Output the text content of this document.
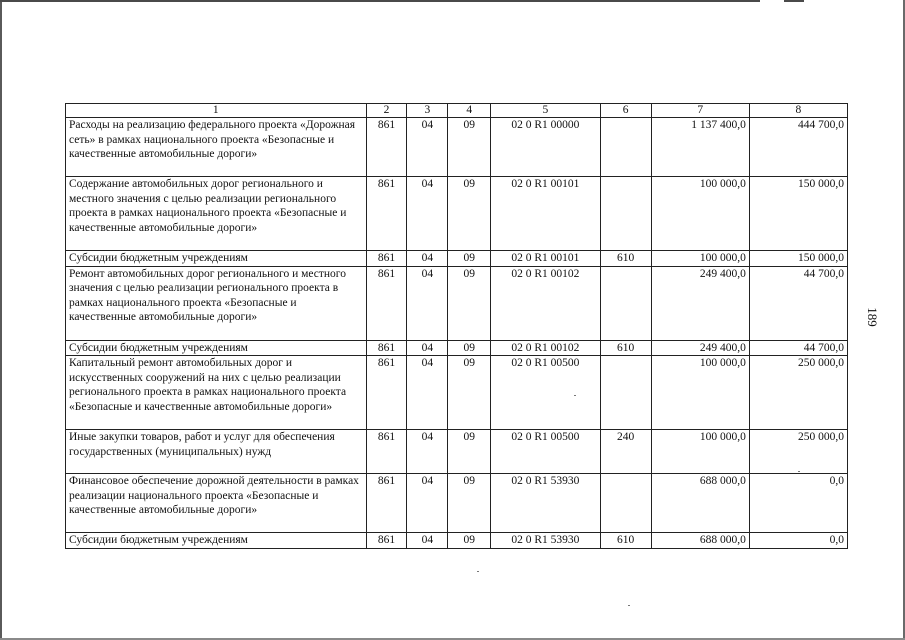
1	2	3	4	5	6	7	8
Расходы на реализацию федерального проекта «Дорожная сеть» в рамках национального проекта «Безопасные и качественные автомобильные дороги»	861	04	09	02 0 R1 00000		1 137 400,0	444 700,0
Содержание автомобильных дорог регионального и местного значения с целью реализации регионального проекта в рамках национального проекта «Безопасные и качественные автомобильные дороги»	861	04	09	02 0 R1 00101		100 000,0	150 000,0
Субсидии бюджетным учреждениям	861	04	09	02 0 R1 00101	610	100 000,0	150 000,0
Ремонт автомобильных дорог регионального и местного значения с целью реализации регионального проекта в рамках национального проекта «Безопасные и качественные автомобильные дороги»	861	04	09	02 0 R1 00102		249 400,0	44 700,0
Субсидии бюджетным учреждениям	861	04	09	02 0 R1 00102	610	249 400,0	44 700,0
Капитальный ремонт автомобильных дорог и искусственных сооружений на них с целью реализации регионального проекта в рамках национального проекта «Безопасные и качественные автомобильные дороги»	861	04	09	02 0 R1 00500		100 000,0	250 000,0
Иные закупки товаров, работ и услуг для обеспечения государственных (муниципальных) нужд	861	04	09	02 0 R1 00500	240	100 000,0	250 000,0
Финансовое обеспечение дорожной деятельности в рамках реализации национального проекта «Безопасные и качественные автомобильные дороги»	861	04	09	02 0 R1 53930		688 000,0	0,0
Субсидии бюджетным учреждениям	861	04	09	02 0 R1 53930	610	688 000,0	0,0
189
